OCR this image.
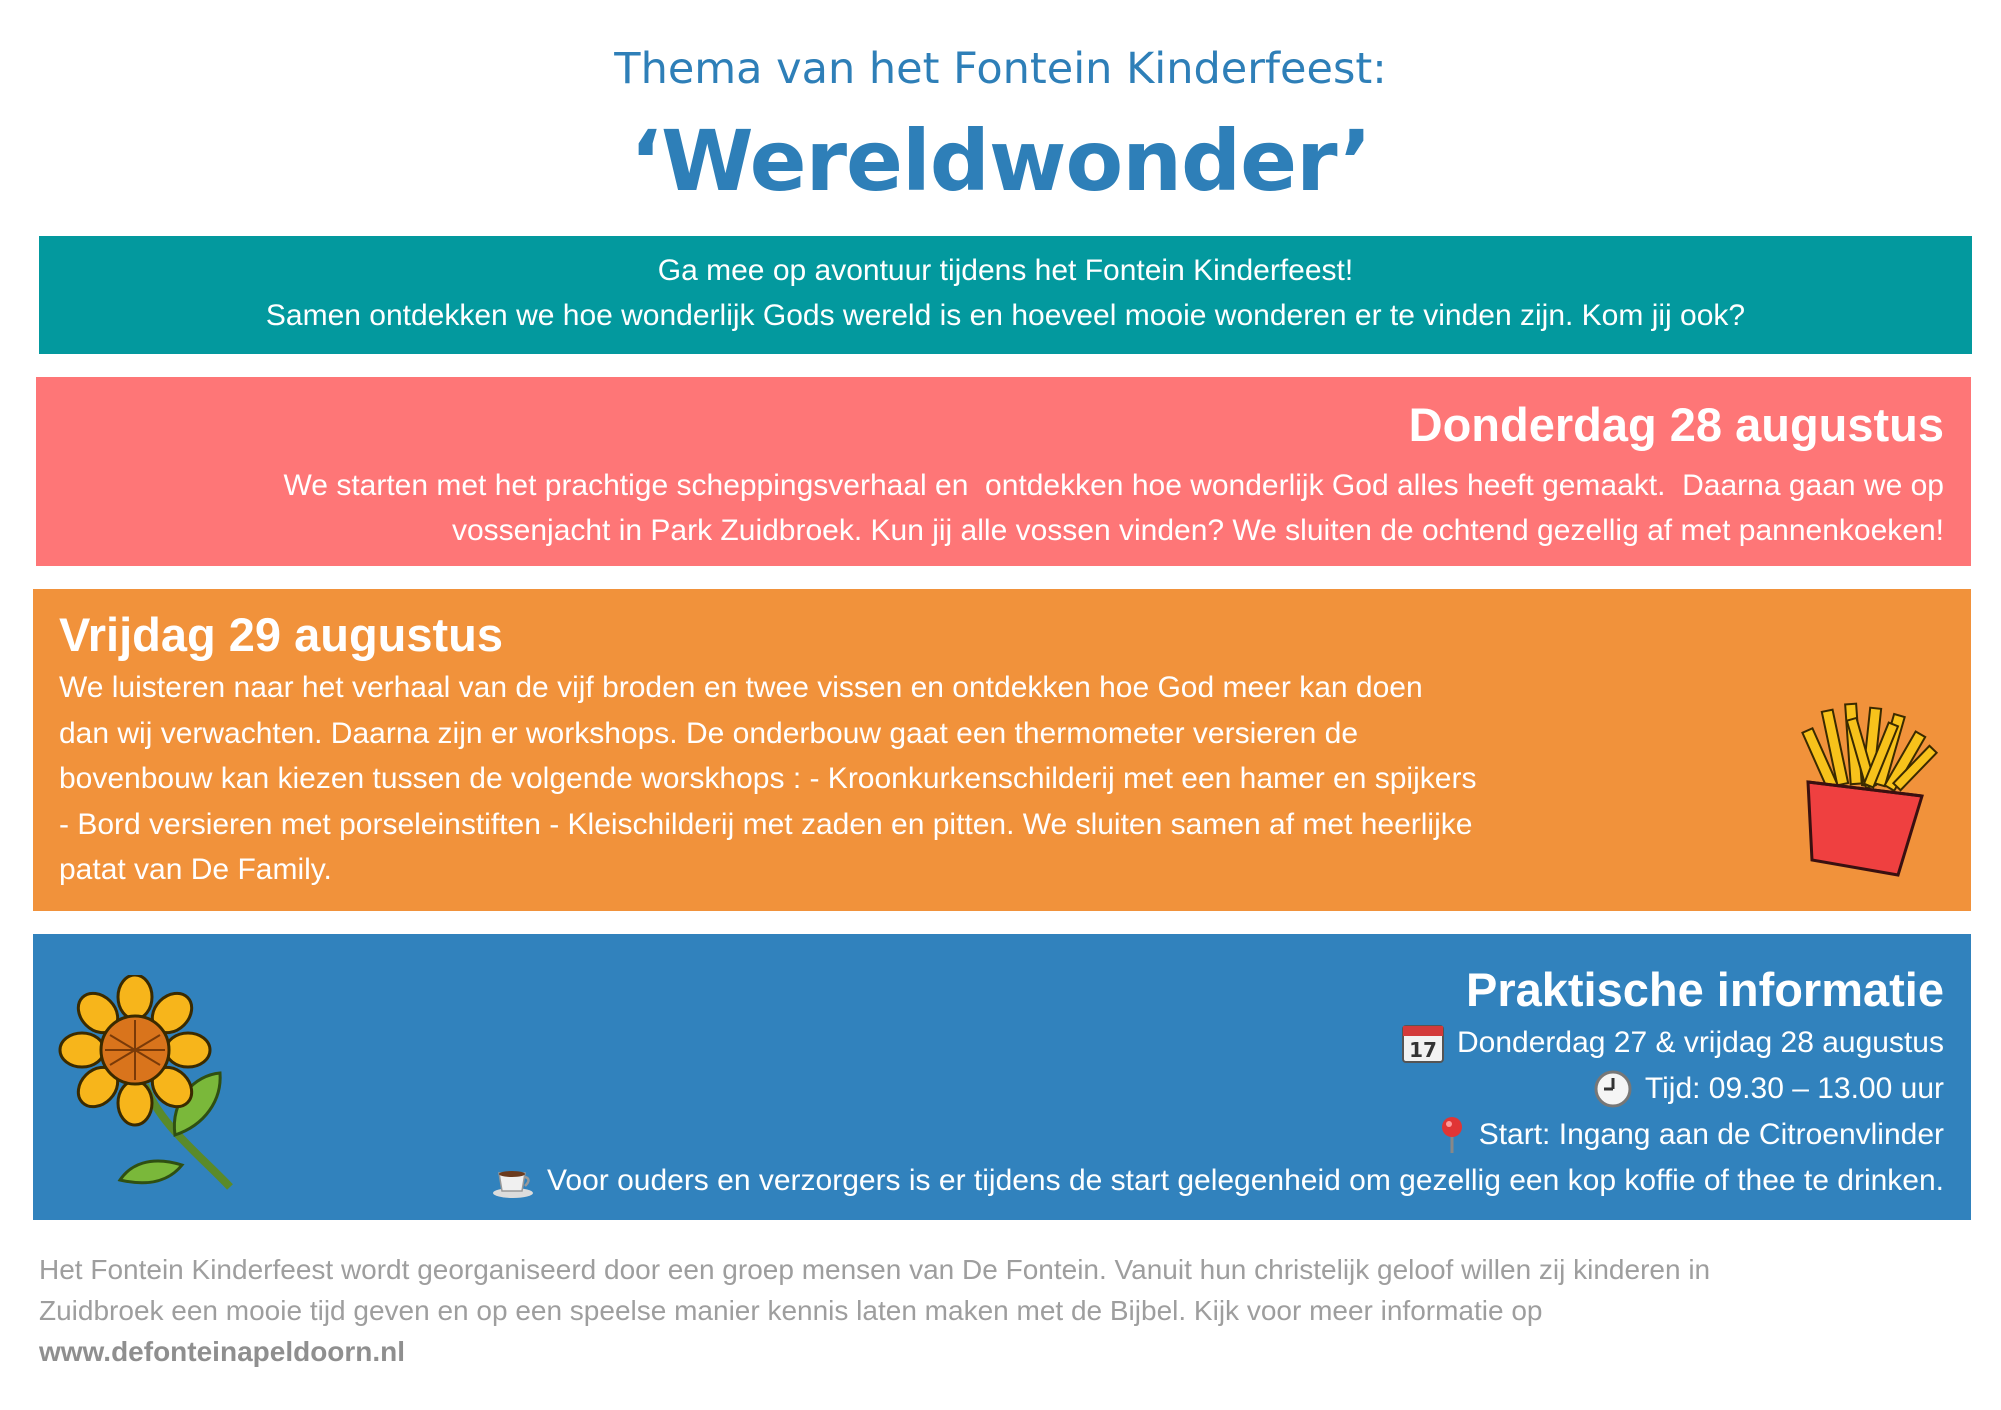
Thema van het Fontein Kinderfeest:
‘Wereldwonder’
Ga mee op avontuur tijdens het Fontein Kinderfeest!
Samen ontdekken we hoe wonderlijk Gods wereld is en hoeveel mooie wonderen er te vinden zijn. Kom jij ook?
Donderdag 28 augustus
We starten met het prachtige scheppingsverhaal en  ontdekken hoe wonderlijk God alles heeft gemaakt.  Daarna gaan we op
vossenjacht in Park Zuidbroek. Kun jij alle vossen vinden? We sluiten de ochtend gezellig af met pannenkoeken!
Vrijdag 29 augustus
We luisteren naar het verhaal van de vijf broden en twee vissen en ontdekken hoe God meer kan doen
dan wij verwachten. Daarna zijn er workshops. De onderbouw gaat een thermometer versieren de
bovenbouw kan kiezen tussen de volgende worskhops : - Kroonkurkenschilderij met een hamer en spijkers
- Bord versieren met porseleinstiften - Kleischilderij met zaden en pitten. We sluiten samen af met heerlijke
patat van De Family.
Praktische informatie
17 Donderdag 27 & vrijdag 28 augustus
Tijd: 09.30 – 13.00 uur
Start: Ingang aan de Citroenvlinder
Voor ouders en verzorgers is er tijdens de start gelegenheid om gezellig een kop koffie of thee te drinken.
Het Fontein Kinderfeest wordt georganiseerd door een groep mensen van De Fontein. Vanuit hun christelijk geloof willen zij kinderen in
Zuidbroek een mooie tijd geven en op een speelse manier kennis laten maken met de Bijbel. Kijk voor meer informatie op
www.defonteinapeldoorn.nl
